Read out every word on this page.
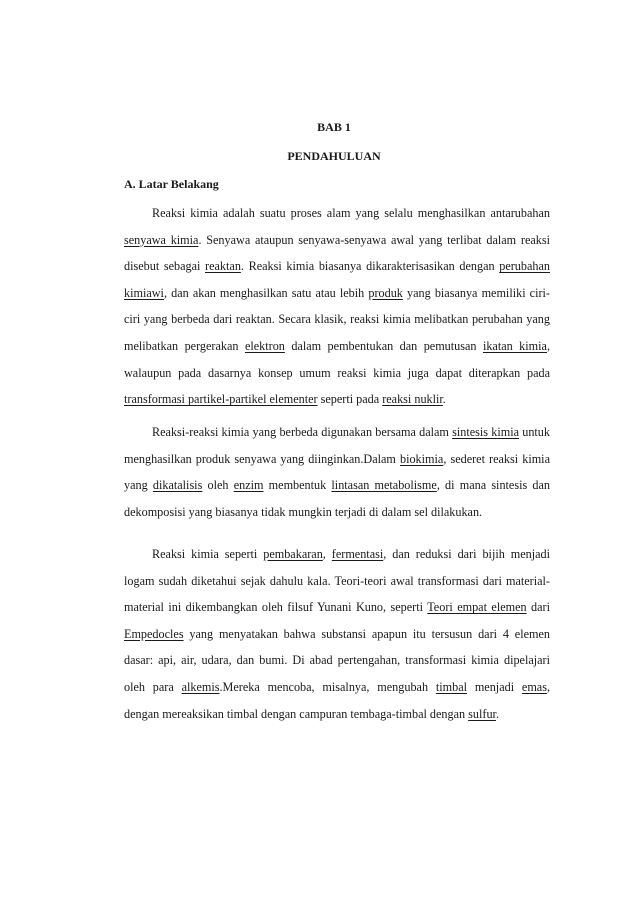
BAB 1
PENDAHULUAN
A. Latar Belakang

Reaksi kimia adalah suatu proses alam yang selalu menghasilkan antarubahan senyawa kimia. Senyawa ataupun senyawa-senyawa awal yang terlibat dalam reaksi disebut sebagai reaktan. Reaksi kimia biasanya dikarakterisasikan dengan perubahan kimiawi, dan akan menghasilkan satu atau lebih produk yang biasanya memiliki ciri-ciri yang berbeda dari reaktan. Secara klasik, reaksi kimia melibatkan perubahan yang melibatkan pergerakan elektron dalam pembentukan dan pemutusan ikatan kimia, walaupun pada dasarnya konsep umum reaksi kimia juga dapat diterapkan pada transformasi partikel-partikel elementer seperti pada reaksi nuklir.

Reaksi-reaksi kimia yang berbeda digunakan bersama dalam sintesis kimia untuk menghasilkan produk senyawa yang diinginkan.Dalam biokimia, sederet reaksi kimia yang dikatalisis oleh enzim membentuk lintasan metabolisme, di mana sintesis dan dekomposisi yang biasanya tidak mungkin terjadi di dalam sel dilakukan.

Reaksi kimia seperti pembakaran, fermentasi, dan reduksi dari bijih menjadi logam sudah diketahui sejak dahulu kala. Teori-teori awal transformasi dari material-material ini dikembangkan oleh filsuf Yunani Kuno, seperti Teori empat elemen dari Empedocles yang menyatakan bahwa substansi apapun itu tersusun dari 4 elemen dasar: api, air, udara, dan bumi. Di abad pertengahan, transformasi kimia dipelajari oleh para alkemis.Mereka mencoba, misalnya, mengubah timbal menjadi emas, dengan mereaksikan timbal dengan campuran tembaga-timbal dengan sulfur.
